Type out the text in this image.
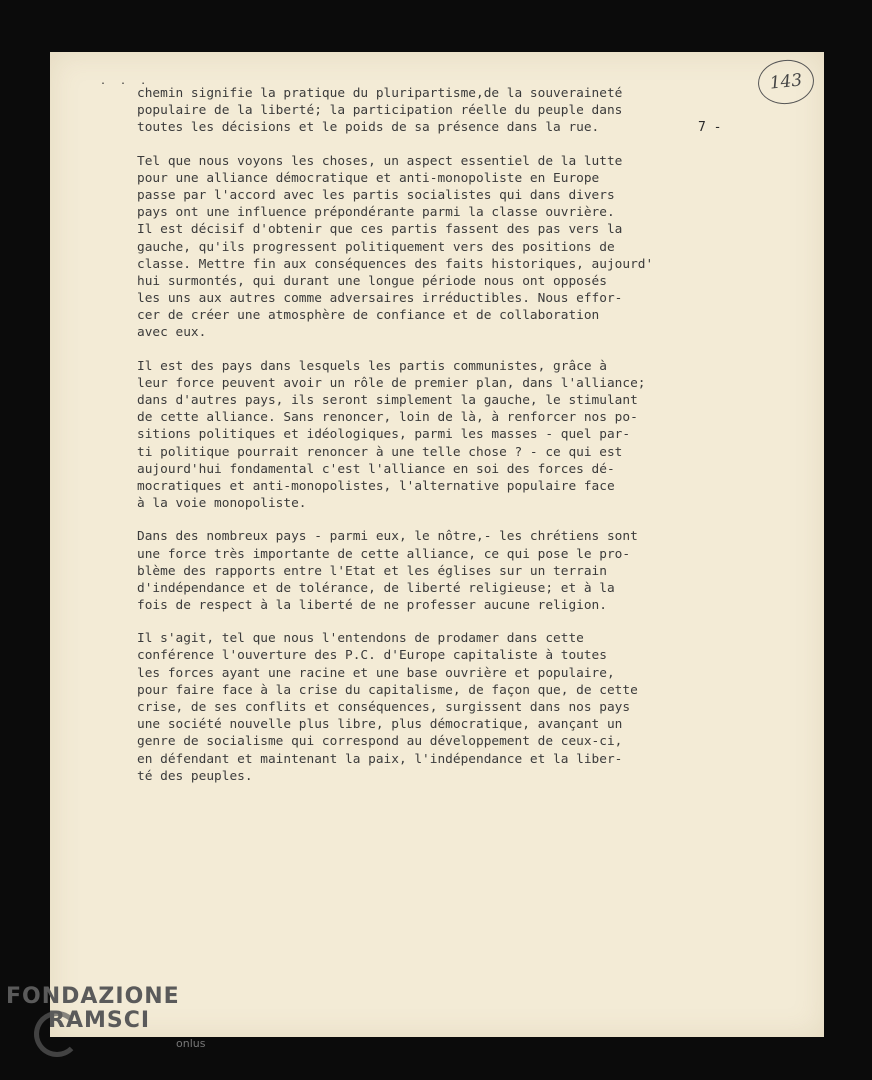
. . .	143
7 -
chemin signifie la pratique du pluripartisme,de la souveraineté
populaire de la liberté; la participation réelle du peuple dans
toutes les décisions et le poids de sa présence dans la rue.
Tel que nous voyons les choses, un aspect essentiel de la lutte
pour une alliance démocratique et anti-monopoliste en Europe
passe par l'accord avec les partis socialistes qui dans divers
pays ont une influence prépondérante parmi la classe ouvrière.
Il est décisif d'obtenir que ces partis fassent des pas vers la
gauche, qu'ils progressent politiquement vers des positions de
classe. Mettre fin aux conséquences des faits historiques, aujourd'
hui surmontés, qui durant une longue période nous ont opposés
les uns aux autres comme adversaires irréductibles. Nous effor-
cer de créer une atmosphère de confiance et de collaboration
avec eux.
Il est des pays dans lesquels les partis communistes, grâce à
leur force peuvent avoir un rôle de premier plan, dans l'alliance;
dans d'autres pays, ils seront simplement la gauche, le stimulant
de cette alliance. Sans renoncer, loin de là, à renforcer nos po-
sitions politiques et idéologiques, parmi les masses - quel par-
ti politique pourrait renoncer à une telle chose ? - ce qui est
aujourd'hui fondamental c'est l'alliance en soi des forces dé-
mocratiques et anti-monopolistes, l'alternative populaire face
à la voie monopoliste.
Dans des nombreux pays - parmi eux, le nôtre,- les chrétiens sont
une force très importante de cette alliance, ce qui pose le pro-
blème des rapports entre l'Etat et les églises sur un terrain
d'indépendance et de tolérance, de liberté religieuse; et à la
fois de respect à la liberté de ne professer aucune religion.
Il s'agit, tel que nous l'entendons de prodamer dans cette
conférence l'ouverture des P.C. d'Europe capitaliste à toutes
les forces ayant une racine et une base ouvrière et populaire,
pour faire face à la crise du capitalisme, de façon que, de cette
crise, de ses conflits et conséquences, surgissent dans nos pays
une société nouvelle plus libre, plus démocratique, avançant un
genre de socialisme qui correspond au développement de ceux-ci,
en défendant et maintenant la paix, l'indépendance et la liber-
té des peuples.
FONDAZIONE
RAMSCI
onlus
